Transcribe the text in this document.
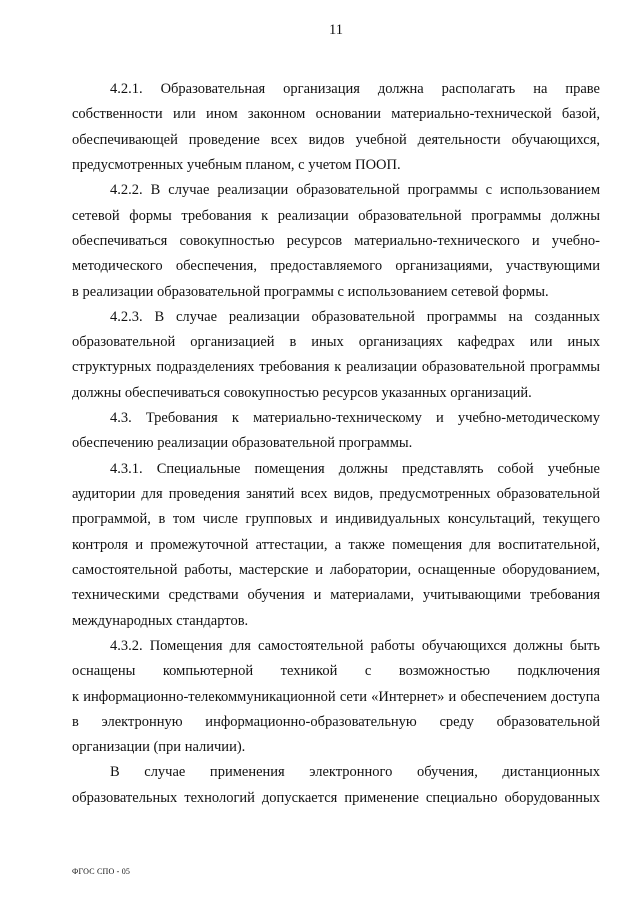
11
4.2.1. Образовательная организация должна располагать на праве
собственности или ином законном основании материально-технической базой,
обеспечивающей проведение всех видов учебной деятельности обучающихся,
предусмотренных учебным планом, с учетом ПООП.
4.2.2. В случае реализации образовательной программы с использованием
сетевой формы требования к реализации образовательной программы должны
обеспечиваться совокупностью ресурсов материально-технического и учебно-
методического обеспечения, предоставляемого организациями, участвующими
в реализации образовательной программы с использованием сетевой формы.
4.2.3. В случае реализации образовательной программы на созданных
образовательной организацией в иных организациях кафедрах или иных
структурных подразделениях требования к реализации образовательной программы
должны обеспечиваться совокупностью ресурсов указанных организаций.
4.3. Требования к материально-техническому и учебно-методическому
обеспечению реализации образовательной программы.
4.3.1. Специальные помещения должны представлять собой учебные
аудитории для проведения занятий всех видов, предусмотренных образовательной
программой, в том числе групповых и индивидуальных консультаций, текущего
контроля и промежуточной аттестации, а также помещения для воспитательной,
самостоятельной работы, мастерские и лаборатории, оснащенные оборудованием,
техническими средствами обучения и материалами, учитывающими требования
международных стандартов.
4.3.2. Помещения для самостоятельной работы обучающихся должны быть
оснащены компьютерной техникой с возможностью подключения
к информационно-телекоммуникационной сети «Интернет» и обеспечением доступа
в электронную информационно-образовательную среду образовательной
организации (при наличии).
В случае применения электронного обучения, дистанционных
образовательных технологий допускается применение специально оборудованных
ФГОС СПО - 05
